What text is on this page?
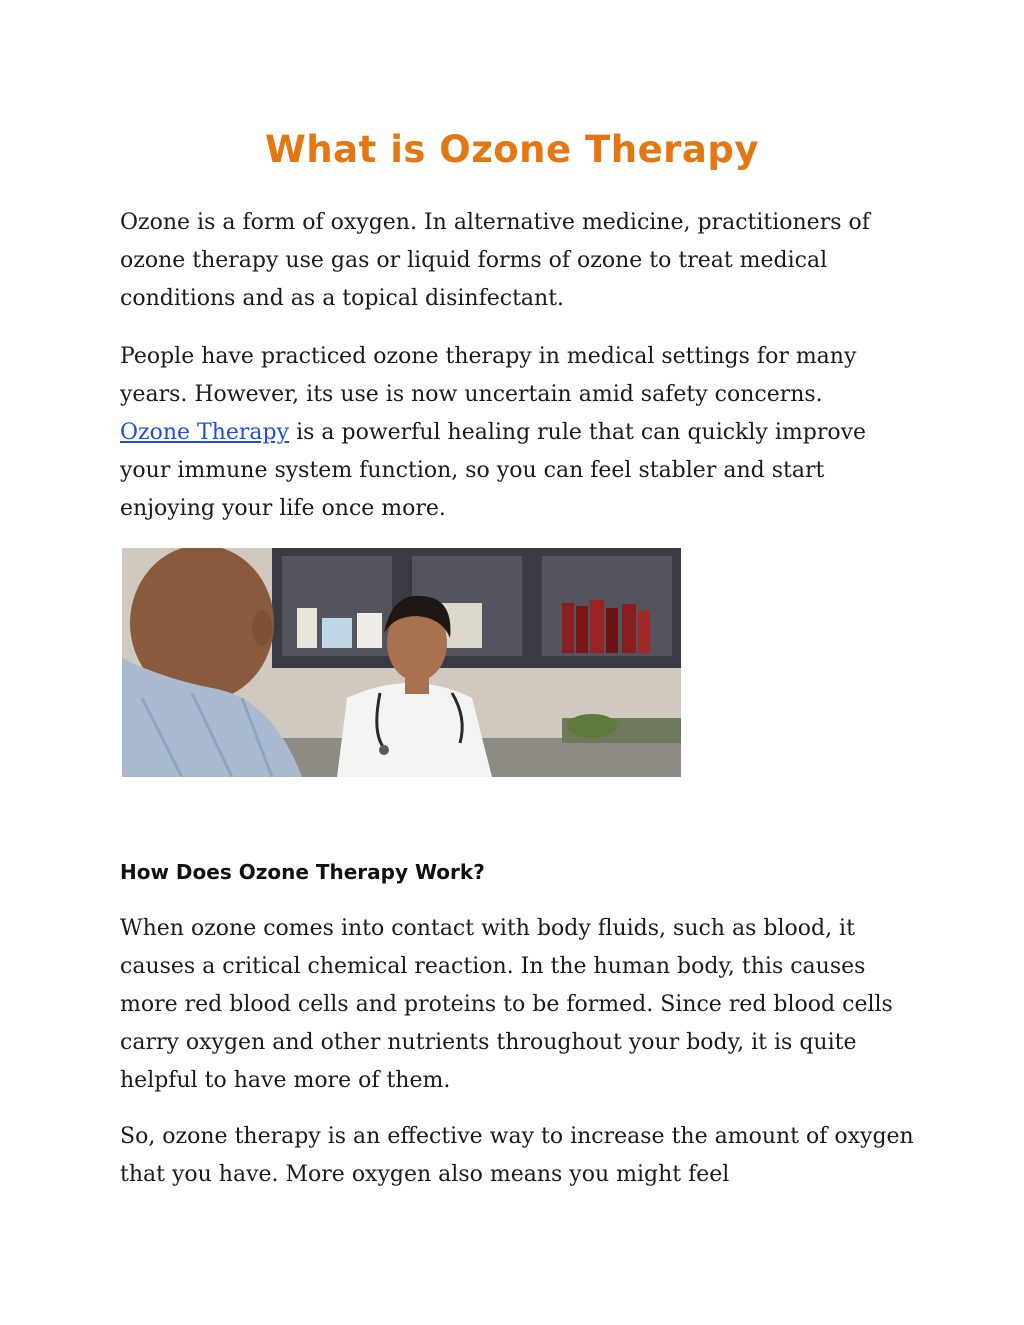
What is Ozone Therapy

Ozone is a form of oxygen. In alternative medicine, practitioners of ozone therapy use gas or liquid forms of ozone to treat medical conditions and as a topical disinfectant.

People have practiced ozone therapy in medical settings for many years. However, its use is now uncertain amid safety concerns.
Ozone Therapy is a powerful healing rule that can quickly improve your immune system function, so you can feel stabler and start enjoying your life once more.

How Does Ozone Therapy Work?

When ozone comes into contact with body fluids, such as blood, it causes a critical chemical reaction. In the human body, this causes more red blood cells and proteins to be formed. Since red blood cells carry oxygen and other nutrients throughout your body, it is quite helpful to have more of them.

So, ozone therapy is an effective way to increase the amount of oxygen that you have. More oxygen also means you might feel
